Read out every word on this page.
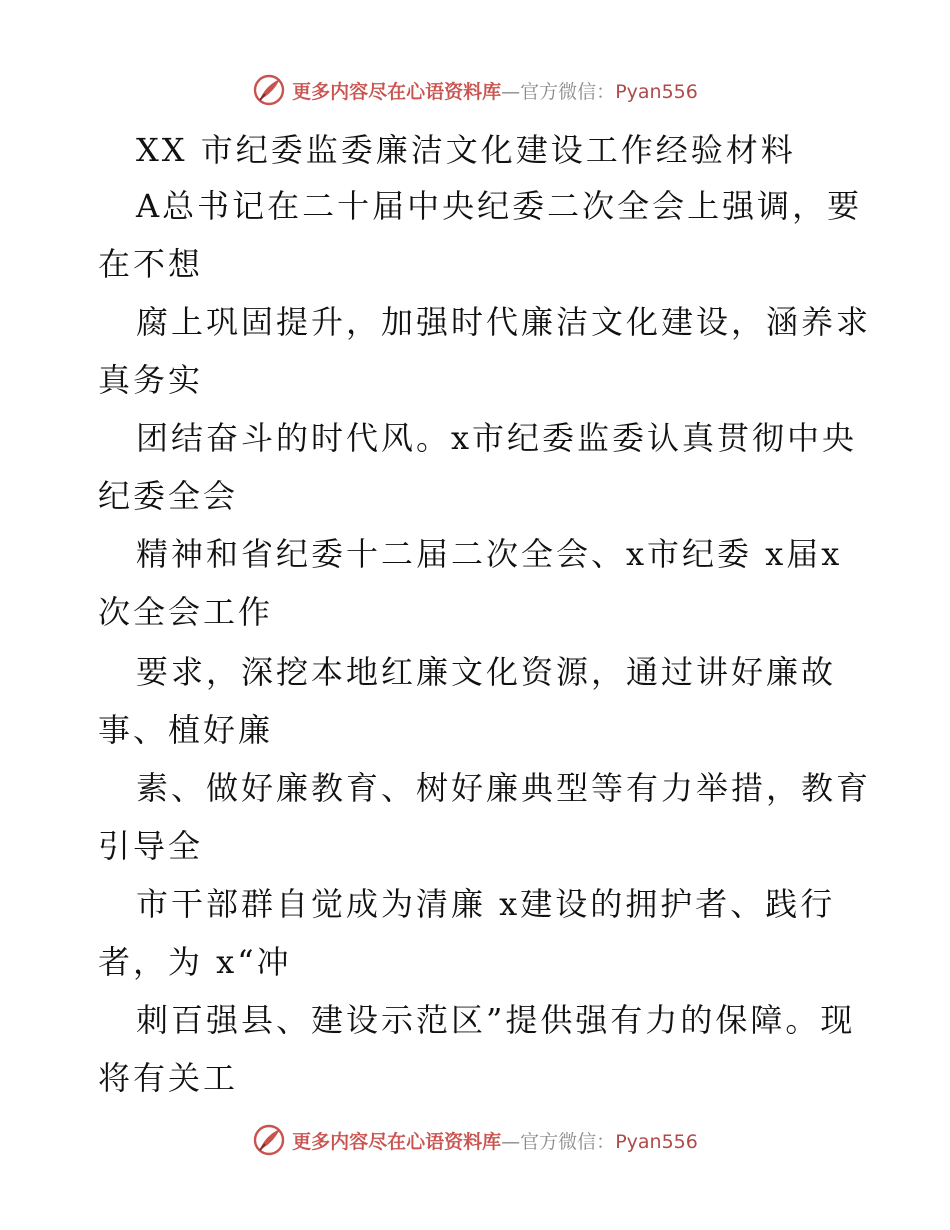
更多内容尽在心语资料库—官方微信：Pyan556
XX 市纪委监委廉洁文化建设工作经验材料
A总书记在二十届中央纪委二次全会上强调，要
在不想
腐上巩固提升，加强时代廉洁文化建设，涵养求
真务实
团结奋斗的时代风。x市纪委监委认真贯彻中央
纪委全会
精神和省纪委十二届二次全会、x市纪委 x届x
次全会工作
要求，深挖本地红廉文化资源，通过讲好廉故
事、植好廉
素、做好廉教育、树好廉典型等有力举措，教育
引导全
市干部群自觉成为清廉 x建设的拥护者、践行
者，为 x“冲
刺百强县、建设示范区”提供强有力的保障。现
将有关工
更多内容尽在心语资料库—官方微信：Pyan556
